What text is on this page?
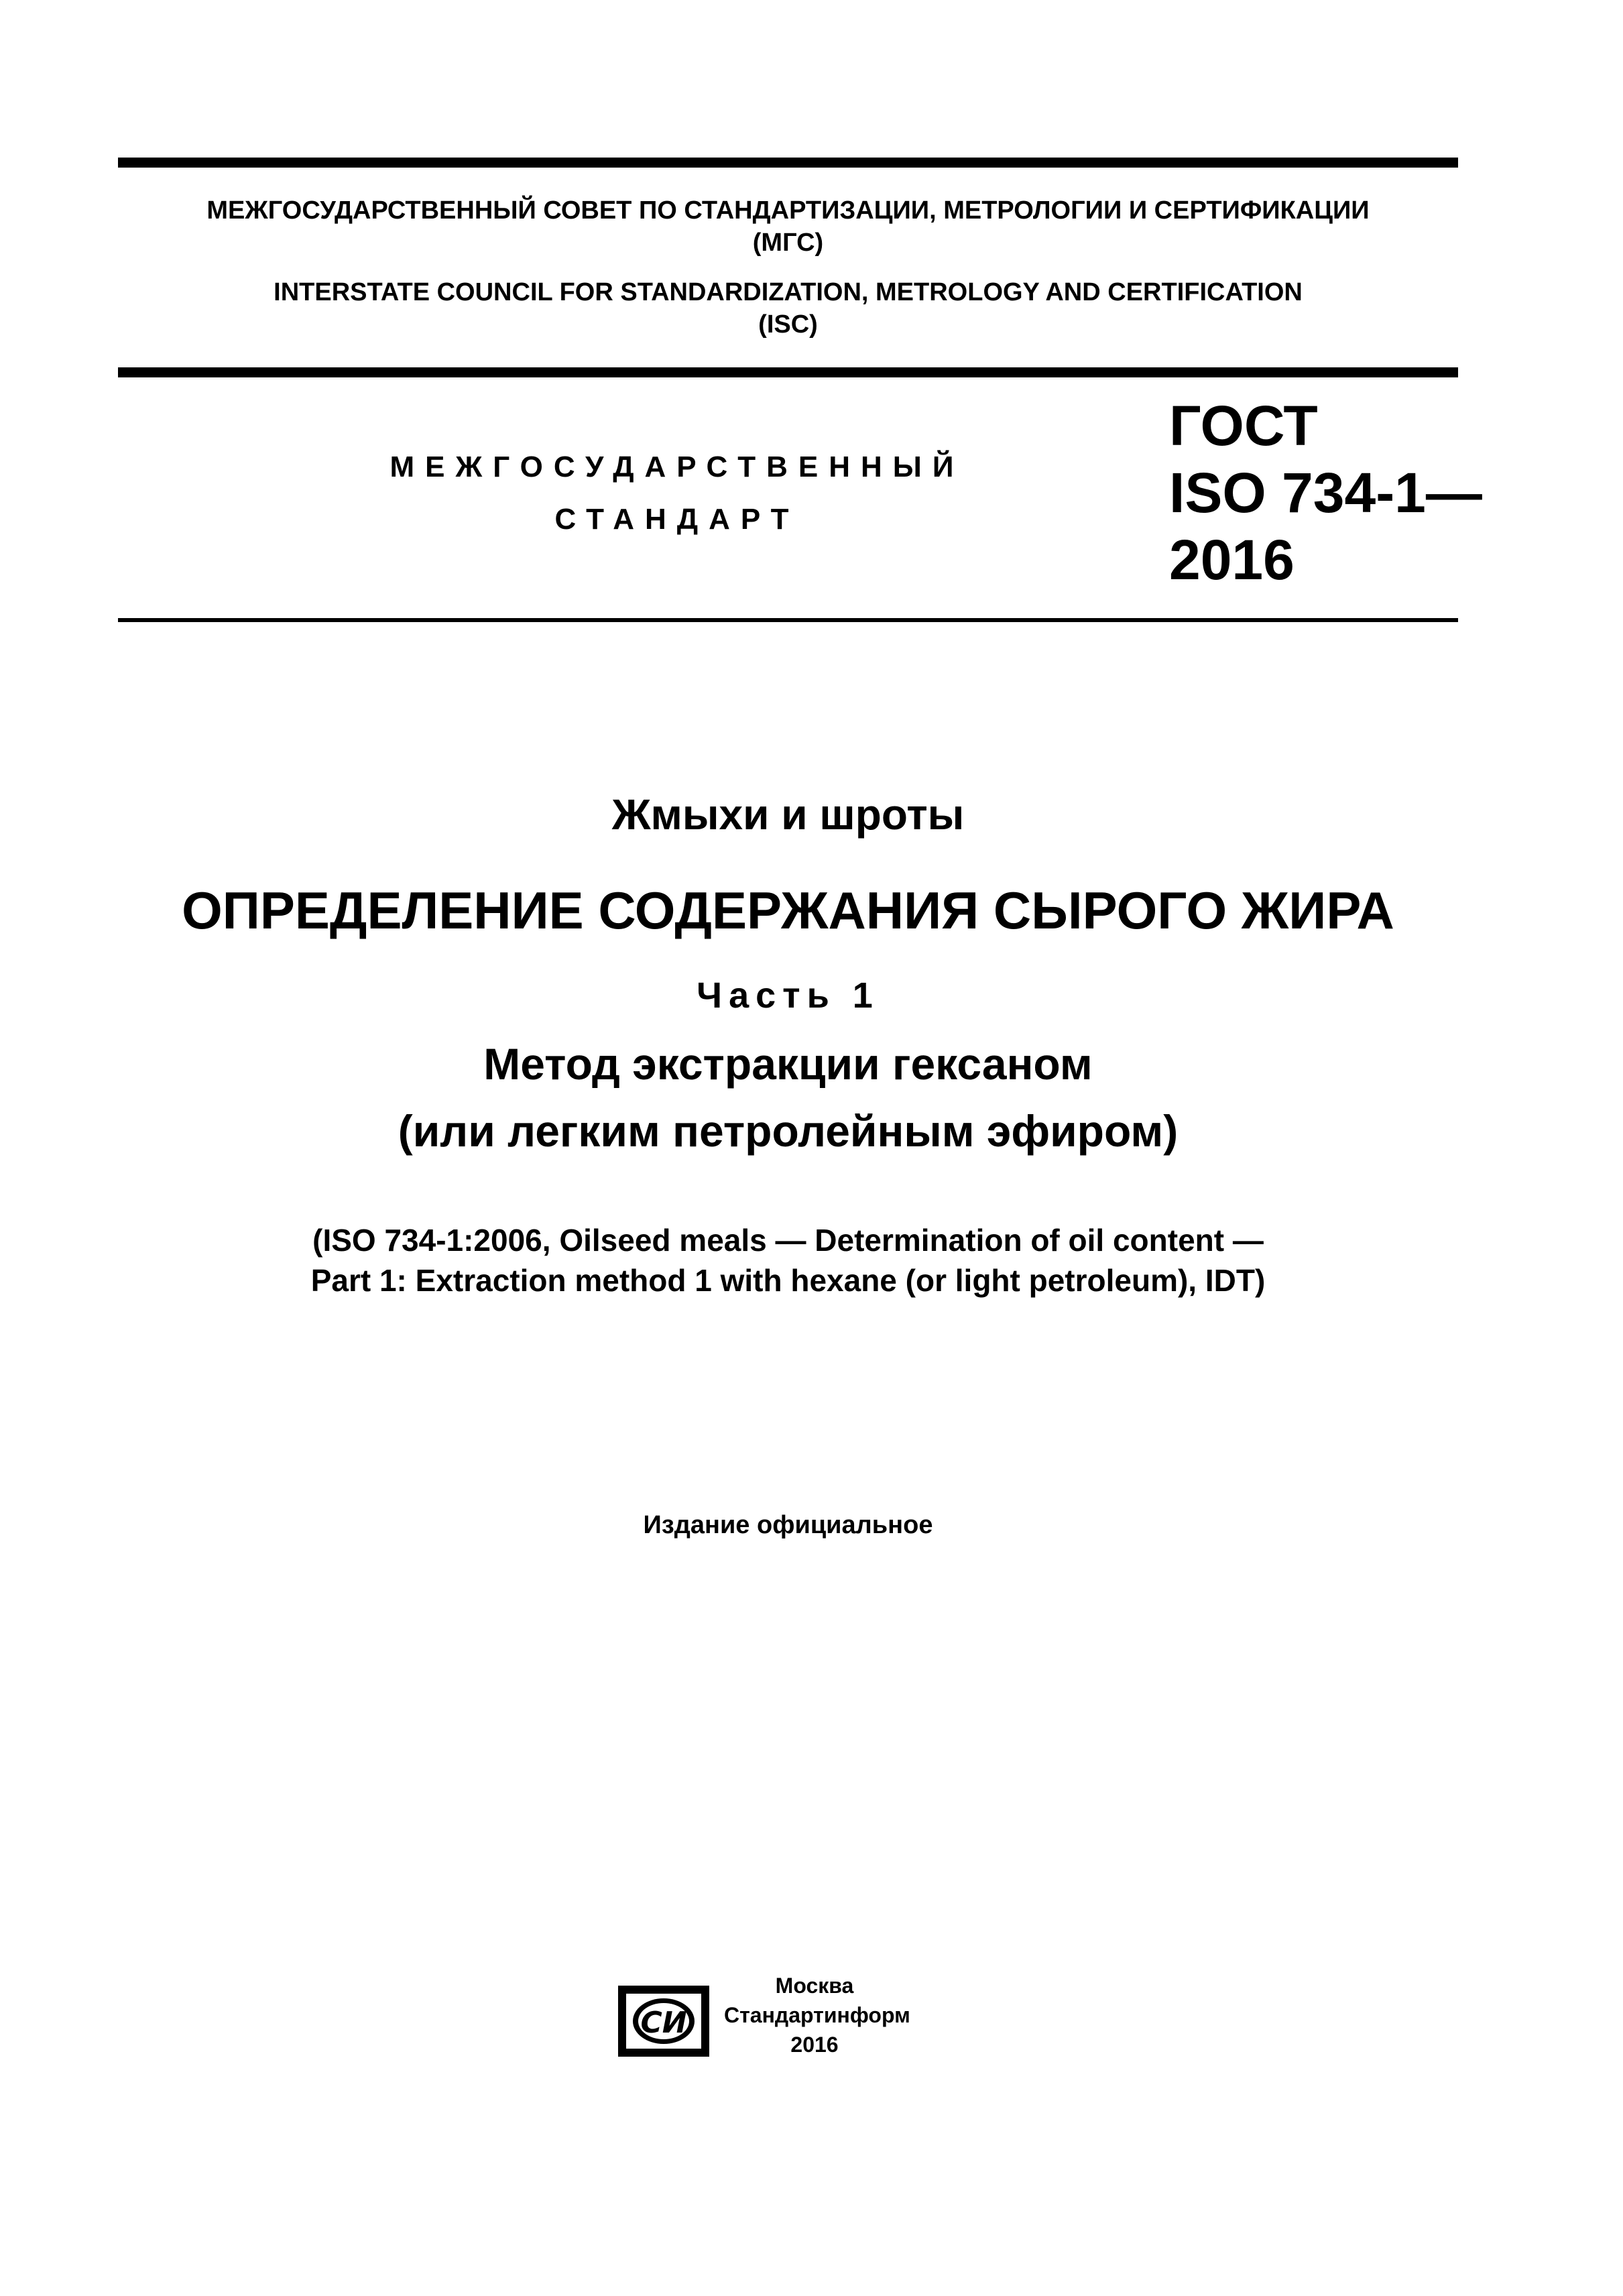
МЕЖГОСУДАРСТВЕННЫЙ СОВЕТ ПО СТАНДАРТИЗАЦИИ, МЕТРОЛОГИИ И СЕРТИФИКАЦИИ
(МГС)
INTERSTATE COUNCIL FOR STANDARDIZATION, METROLOGY AND CERTIFICATION
(ISC)
МЕЖГОСУДАРСТВЕННЫЙ
СТАНДАРТ
ГОСТ
ISO 734-1—
2016
Жмыхи и шроты
ОПРЕДЕЛЕНИЕ СОДЕРЖАНИЯ СЫРОГО ЖИРА
Часть 1
Метод экстракции гексаном
(или легким петролейным эфиром)
(ISO 734-1:2006, Oilseed meals — Determination of oil content —
Part 1: Extraction method 1 with hexane (or light petroleum), IDT)
Издание официальное
СИ
Москва
Стандартинформ
2016
